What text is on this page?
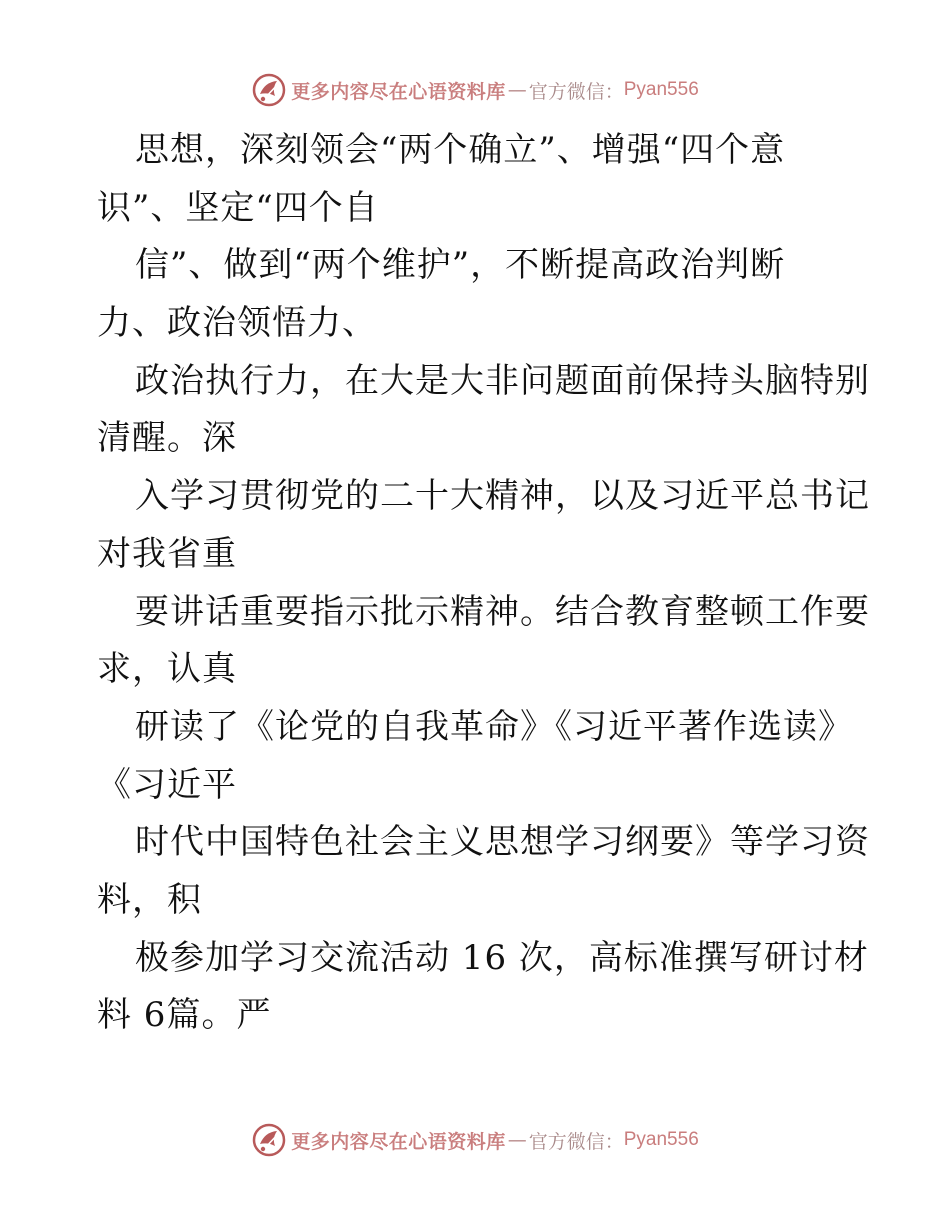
更多内容尽在心语资料库 — 官方微信： Pyan556
思想，深刻领会“两个确立”、增强“四个意
识”、坚定“四个自
信”、做到“两个维护”，不断提高政治判断
力、政治领悟力、
政治执行力，在大是大非问题面前保持头脑特别
清醒。深
入学习贯彻党的二十大精神，以及习近平总书记
对我省重
要讲话重要指示批示精神。结合教育整顿工作要
求，认真
研读了《论党的自我革命》《习近平著作选读》
《习近平
时代中国特色社会主义思想学习纲要》等学习资
料，积
极参加学习交流活动 16 次，高标准撰写研讨材
料 6篇。严
更多内容尽在心语资料库 — 官方微信： Pyan556
